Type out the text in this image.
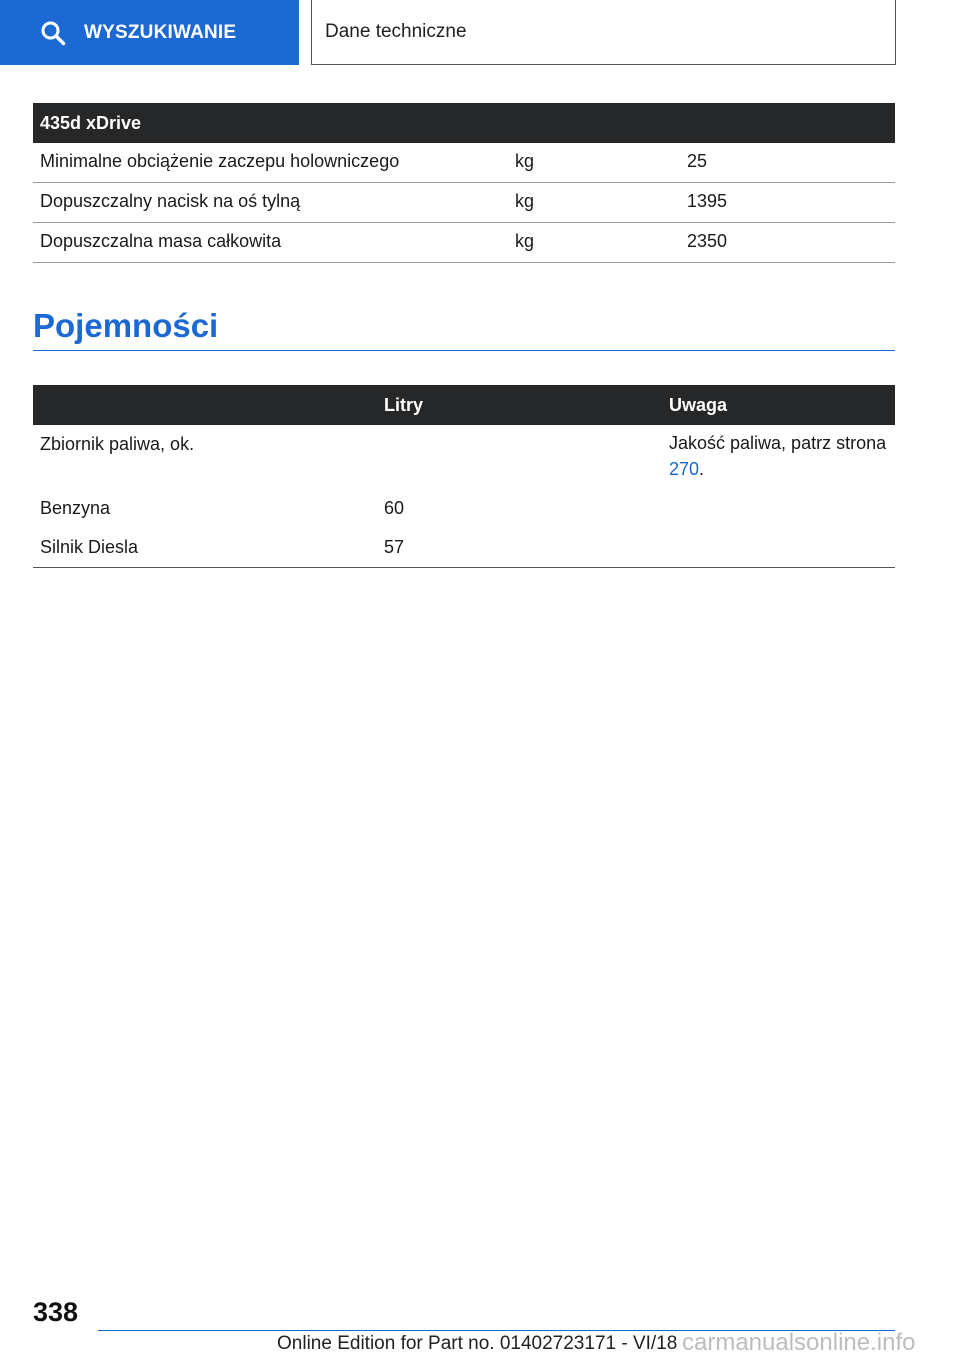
WYSZUKIWANIE	Dane techniczne
435d xDrive		
Minimalne obciążenie zaczepu holowniczego	kg	25
Dopuszczalny nacisk na oś tylną	kg	1395
Dopuszczalna masa całkowita	kg	2350
Pojemności
	Litry	Uwaga
Zbiornik paliwa, ok.		Jakość paliwa, patrz strona 270.
Benzyna	60	
Silnik Diesla	57	
338
Online Edition for Part no. 01402723171 - VI/18 carmanualsonline.info
